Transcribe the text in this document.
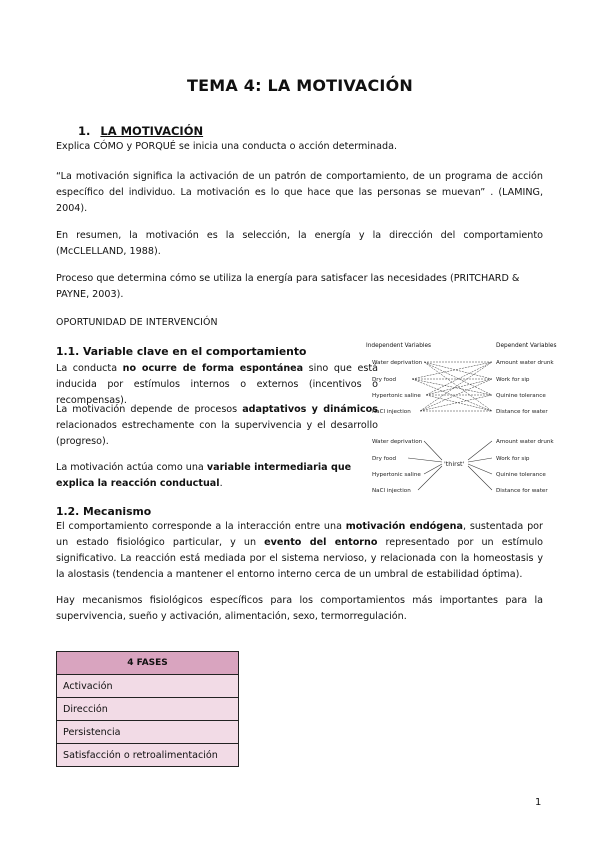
TEMA 4: LA MOTIVACIÓN
1. LA MOTIVACIÓN
Explica CÓMO y PORQUÉ se inicia una conducta o acción determinada.
“La motivación significa la activación de un patrón de comportamiento, de un programa de acción específico del individuo. La motivación es lo que hace que las personas se muevan” . (LAMING, 2004).
En resumen, la motivación es la selección, la energía y la dirección del comportamiento (McCLELLAND, 1988).
Proceso que determina cómo se utiliza la energía para satisfacer las necesidades (PRITCHARD & PAYNE, 2003).
OPORTUNIDAD DE INTERVENCIÓN
1.1. Variable clave en el comportamiento
La conducta no ocurre de forma espontánea sino que está inducida por estímulos internos o externos (incentivos o recompensas).
La motivación depende de procesos adaptativos y dinámicos relacionados estrechamente con la supervivencia y el desarrollo (progreso).
La motivación actúa como una variable intermediaria que explica la reacción conductual.
Independent Variables	Dependent Variables
Water deprivation
Dry food
Hypertonic saline
NaCl injection
Amount water drunk
Work for sip
Quinine tolerance
Distance for water
Water deprivation
Dry food
Hypertonic saline
NaCl injection
Amount water drunk
Work for sip
Quinine tolerance
Distance for water
'thirst'
1.2. Mecanismo
El comportamiento corresponde a la interacción entre una motivación endógena, sustentada por un estado fisiológico particular, y un evento del entorno representado por un estímulo significativo. La reacción está mediada por el sistema nervioso, y relacionada con la homeostasis y la alostasis (tendencia a mantener el entorno interno cerca de un umbral de estabilidad óptima).
Hay mecanismos fisiológicos específicos para los comportamientos más importantes para la supervivencia, sueño y activación, alimentación, sexo, termorregulación.
4 FASES
Activación
Dirección
Persistencia
Satisfacción o retroalimentación
1
